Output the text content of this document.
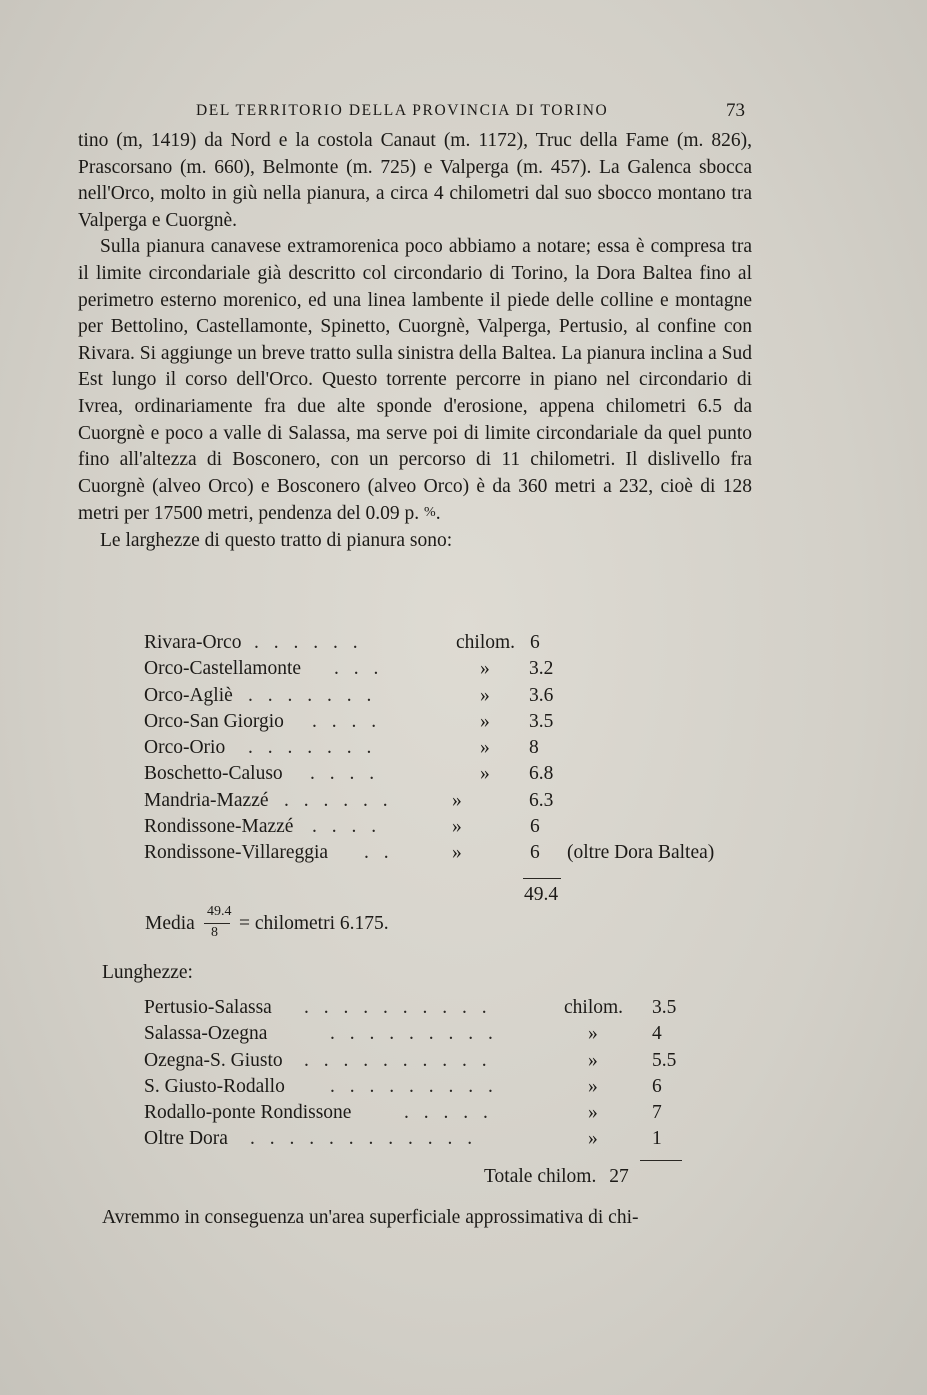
DEL TERRITORIO DELLA PROVINCIA DI TORINO	73

tino (m, 1419) da Nord e la costola Canaut (m. 1172), Truc della Fame (m. 826), Prascorsano (m. 660), Belmonte (m. 725) e Valperga (m. 457). La Galenca sbocca nell'Orco, molto in giù nella pianura, a circa 4 chilometri dal suo sbocco montano tra Valperga e Cuorgnè.

Sulla pianura canavese extramorenica poco abbiamo a notare; essa è compresa tra il limite circondariale già descritto col circondario di Torino, la Dora Baltea fino al perimetro esterno morenico, ed una linea lambente il piede delle colline e montagne per Bettolino, Castellamonte, Spinetto, Cuorgnè, Valperga, Pertusio, al confine con Rivara. Si aggiunge un breve tratto sulla sinistra della Baltea. La pianura inclina a Sud Est lungo il corso dell'Orco. Questo torrente percorre in piano nel circondario di Ivrea, ordinariamente fra due alte sponde d'erosione, appena chilometri 6.5 da Cuorgnè e poco a valle di Salassa, ma serve poi di limite circondariale da quel punto fino all'altezza di Bosconero, con un percorso di 11 chilometri. Il dislivello fra Cuorgnè (alveo Orco) e Bosconero (alveo Orco) è da 360 metri a 232, cioè di 128 metri per 17500 metri, pendenza del 0.09 p. %.

Le larghezze di questo tratto di pianura sono:

Rivara-Orco . . . . . .	chilom. 6
Orco-Castellamonte . . .	» 3.2
Orco-Agliè . . . . . . .	» 3.6
Orco-San Giorgio . . . .	» 3.5
Orco-Orio . . . . . . .	» 8
Boschetto-Caluso . . . .	» 6.8
Mandria-Mazzé . . . . . .	»	6.3
Rondissone-Mazzé . . . .	»	6
Rondissone-Villareggia . .	»	6 (oltre Dora Baltea)
49.4
Media
49.4
8 = chilometri 6.175.
Lunghezze:
Pertusio-Salassa . . . . . . . . . .	chilom. 3.5
Salassa-Ozegna	. . . . . . . . .	»	4
Ozegna-S. Giusto . . . . . . . . . .	»	5.5
S. Giusto-Rodallo . . . . . . . . .	»	6
Rodallo-ponte Rondissone	. . . . .	»	7
Oltre Dora . . . . . . . . . . . .	»	1
Totale chilom. 27
Avremmo in conseguenza un'area superficiale approssimativa di chi-
